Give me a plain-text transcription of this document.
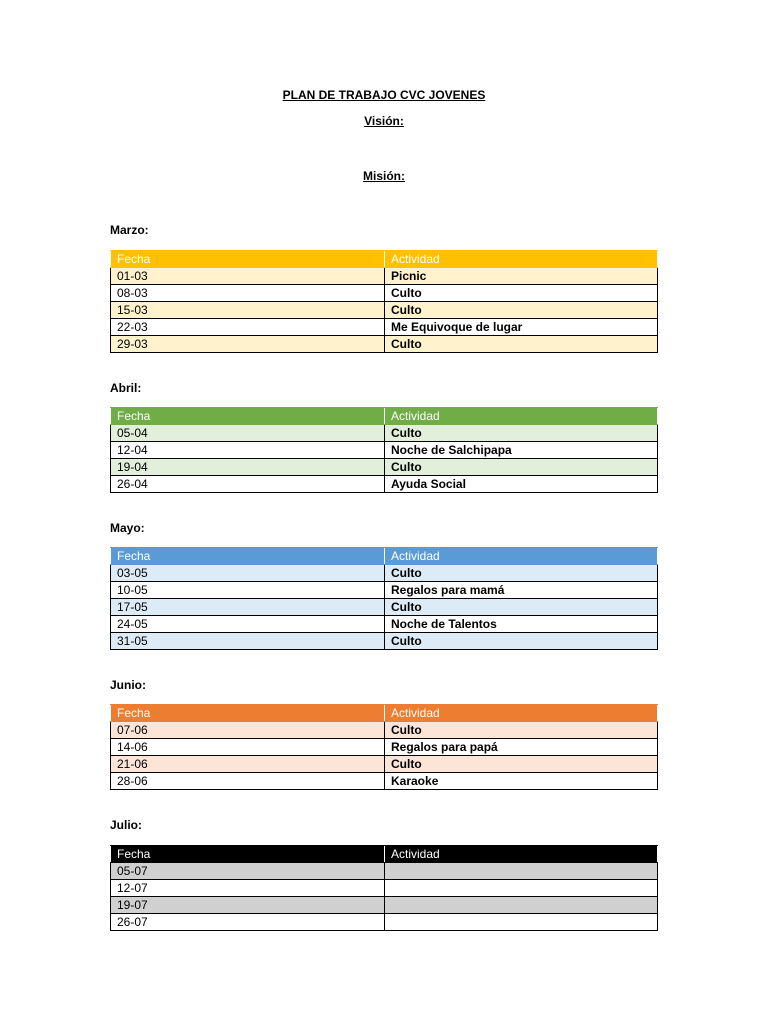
PLAN DE TRABAJO CVC JOVENES
Visión:
Misión:
Marzo:
Fecha	Actividad
01-03	Picnic
08-03	Culto
15-03	Culto
22-03	Me Equivoque de lugar
29-03	Culto
Abril:
Fecha	Actividad
05-04	Culto
12-04	Noche de Salchipapa
19-04	Culto
26-04	Ayuda Social
Mayo:
Fecha	Actividad
03-05	Culto
10-05	Regalos para mamá
17-05	Culto
24-05	Noche de Talentos
31-05	Culto
Junio:
Fecha	Actividad
07-06	Culto
14-06	Regalos para papá
21-06	Culto
28-06	Karaoke
Julio:
Fecha	Actividad
05-07	
12-07	
19-07	
26-07	
